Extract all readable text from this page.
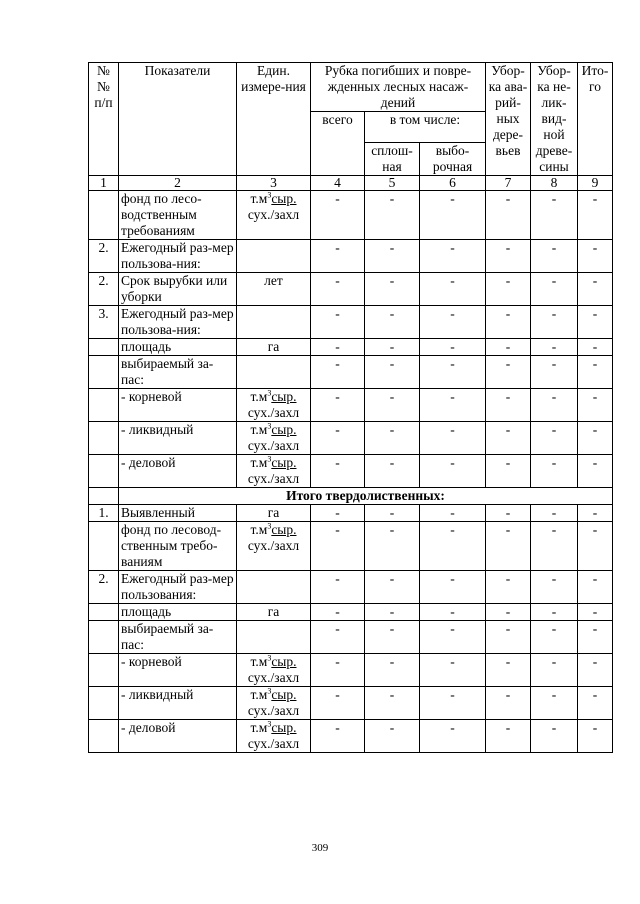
№ № п/п	Показатели	Един. измере-ния	Рубка погибших и повре-жденных лесных насаж-дений			Убор-ка ава-рий-ных дере-вьев	Убор-ка не-лик-вид-ной древе-сины	Ито-го
			всего	в том числе:				
				сплош-ная	выбо-рочная			
1	2	3	4	5	6	7	8	9
	фонд по лесо-водственным требованиям	$т.м^3сыр$.
сух./захл	-	-	-	-	-	-
2.	Ежегодный раз-мер пользова-ния:		-	-	-	-	-	-
2.	Срок вырубки или уборки	лет	-	-	-	-	-	-
3.	Ежегодный раз-мер пользова-ния:		-	-	-	-	-	-
	площадь	га	-	-	-	-	-	-
	выбираемый за-пас:		-	-	-	-	-	-
	- корневой	$т.м^3сыр$.
сух./захл	-	-	-	-	-	-
	- ликвидный	$т.м^3сыр$.
сух./захл	-	-	-	-	-	-
	- деловой	$т.м^3сыр$.
сух./захл	-	-	-	-	-	-
	Итого твердолиственных:							
1.	Выявленный	га	-	-	-	-	-	-
	фонд по лесовод-ственным требо-ваниям	$т.м^3сыр$.
сух./захл	-	-	-	-	-	-
2.	Ежегодный раз-мер пользования:		-	-	-	-	-	-
	площадь	га	-	-	-	-	-	-
	выбираемый за-пас:		-	-	-	-	-	-
	- корневой	$т.м^3сыр$.
сух./захл	-	-	-	-	-	-
	- ликвидный	$т.м^3сыр$.
сух./захл	-	-	-	-	-	-
	- деловой	$т.м^3сыр$.
сух./захл	-	-	-	-	-	-
309
